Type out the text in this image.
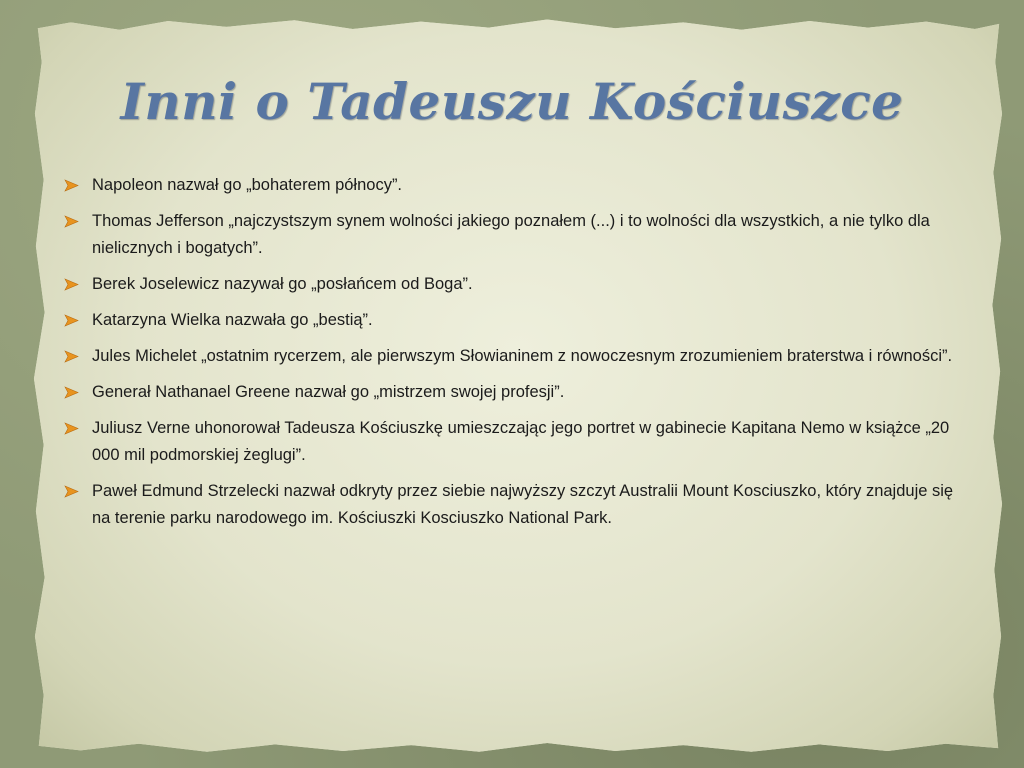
Inni o Tadeuszu Kościuszce
Napoleon nazwał go „bohaterem północy”.
Thomas Jefferson „najczystszym synem wolności jakiego poznałem (...) i to wolności dla wszystkich, a nie tylko dla nielicznych i bogatych”.
Berek Joselewicz nazywał go „posłańcem od Boga”.
Katarzyna Wielka nazwała go „bestią”.
Jules Michelet „ostatnim rycerzem, ale pierwszym Słowianinem z nowoczesnym zrozumieniem braterstwa i równości”.
Generał Nathanael Greene nazwał go „mistrzem swojej profesji”.
Juliusz Verne uhonorował Tadeusza Kościuszkę umieszczając jego portret w gabinecie Kapitana Nemo w książce „20 000 mil podmorskiej żeglugi”.
Paweł Edmund Strzelecki nazwał odkryty przez siebie najwyższy szczyt Australii Mount Kosciuszko, który znajduje się na terenie parku narodowego im. Kościuszki Kosciuszko National Park.
